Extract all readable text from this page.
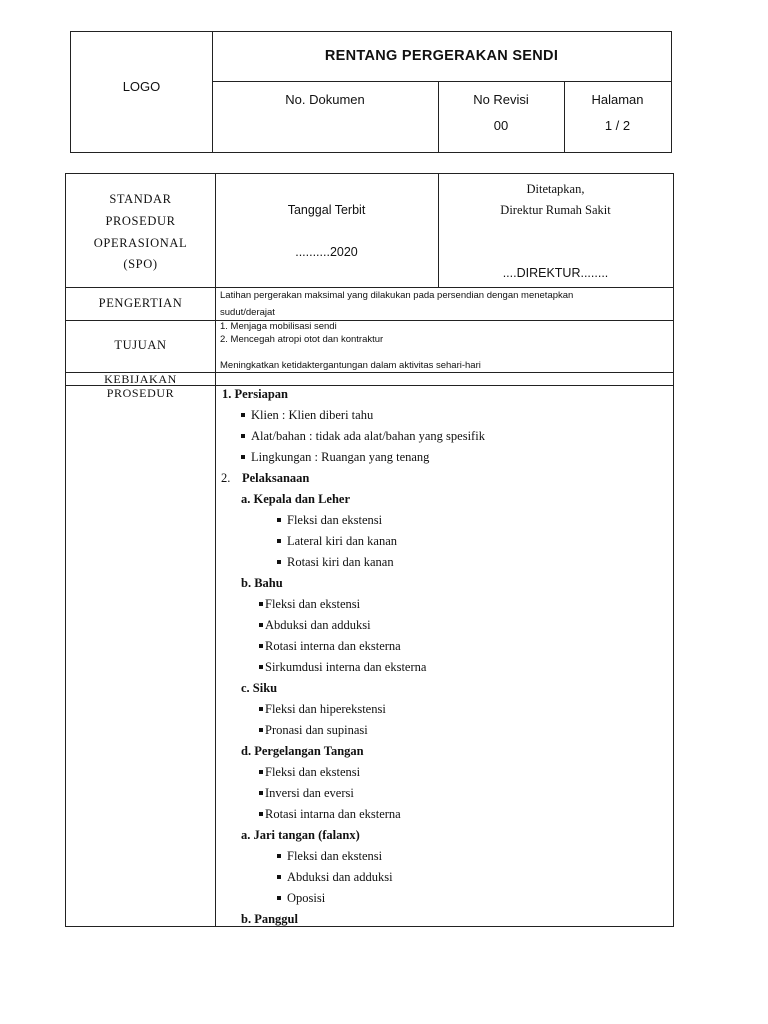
LOGO
RENTANG PERGERAKAN SENDI
No. Dokumen	No Revisi
00
Halaman
1 / 2
STANDAR
PROSEDUR
OPERASIONAL
(SPO)
Tanggal Terbit
..........2020
Ditetapkan,
Direktur Rumah Sakit
....DIREKTUR........
PENGERTIAN
Latihan pergerakan maksimal yang dilakukan pada persendian dengan menetapkan
sudut/derajat
TUJUAN
1. Menjaga mobilisasi sendi
2. Mencegah atropi otot dan kontraktur
Meningkatkan ketidaktergantungan dalam aktivitas sehari-hari
KEBIJAKAN
PROSEDUR	1. Persiapan
Klien : Klien diberi tahu
Alat/bahan : tidak ada alat/bahan yang spesifik
Lingkungan : Ruangan yang tenang
2. Pelaksanaan
a. Kepala dan Leher
Fleksi dan ekstensi
Lateral kiri dan kanan
Rotasi kiri dan kanan
b. Bahu
Fleksi dan ekstensi
Abduksi dan adduksi
Rotasi interna dan eksterna
Sirkumdusi interna dan eksterna
c. Siku
Fleksi dan hiperekstensi
Pronasi dan supinasi
d. Pergelangan Tangan
Fleksi dan ekstensi
Inversi dan eversi
Rotasi intarna dan eksterna
a. Jari tangan (falanx)
Fleksi dan ekstensi
Abduksi dan adduksi
Oposisi
b. Panggul
